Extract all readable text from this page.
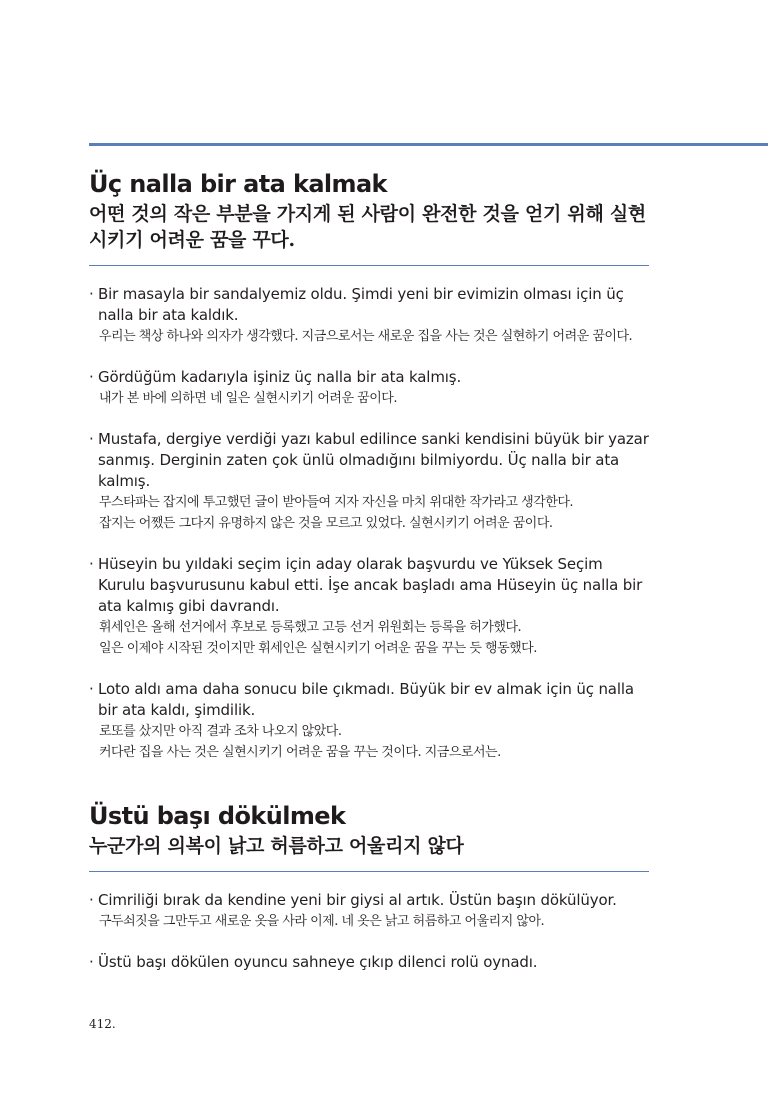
Üç nalla bir ata kalmak
어떤 것의 작은 부분을 가지게 된 사람이 완전한 것을 얻기 위해 실현시키기 어려운 꿈을 꾸다.
· Bir masayla bir sandalyemiz oldu. Şimdi yeni bir evimizin olması için üç nalla bir ata kaldık.
우리는 책상 하나와 의자가 생각했다. 지금으로서는 새로운 집을 사는 것은 실현하기 어려운 꿈이다.
· Gördüğüm kadarıyla işiniz üç nalla bir ata kalmış.
내가 본 바에 의하면 네 일은 실현시키기 어려운 꿈이다.
· Mustafa, dergiye verdiği yazı kabul edilince sanki kendisini büyük bir yazar sanmış. Derginin zaten çok ünlü olmadığını bilmiyordu. Üç nalla bir ata kalmış.
무스타파는 잡지에 투고했던 글이 받아들여 지자 자신을 마치 위대한 작가라고 생각한다.
잡지는 어쨌든 그다지 유명하지 않은 것을 모르고 있었다. 실현시키기 어려운 꿈이다.
· Hüseyin bu yıldaki seçim için aday olarak başvurdu ve Yüksek Seçim Kurulu başvurusunu kabul etti. İşe ancak başladı ama Hüseyin üç nalla bir ata kalmış gibi davrandı.
휘세인은 올해 선거에서 후보로 등록했고 고등 선거 위원회는 등록을 허가했다.
일은 이제야 시작된 것이지만 휘세인은 실현시키기 어려운 꿈을 꾸는 듯 행동했다.
· Loto aldı ama daha sonucu bile çıkmadı. Büyük bir ev almak için üç nalla bir ata kaldı, şimdilik.
로또를 샀지만 아직 결과 조차 나오지 않았다.
커다란 집을 사는 것은 실현시키기 어려운 꿈을 꾸는 것이다. 지금으로서는.
Üstü başı dökülmek
누군가의 의복이 낡고 허름하고 어울리지 않다
· Cimriliği bırak da kendine yeni bir giysi al artık. Üstün başın dökülüyor.
구두쇠짓을 그만두고 새로운 옷을 사라 이제. 네 옷은 낡고 허름하고 어울리지 않아.
· Üstü başı dökülen oyuncu sahneye çıkıp dilenci rolü oynadı.
412.
